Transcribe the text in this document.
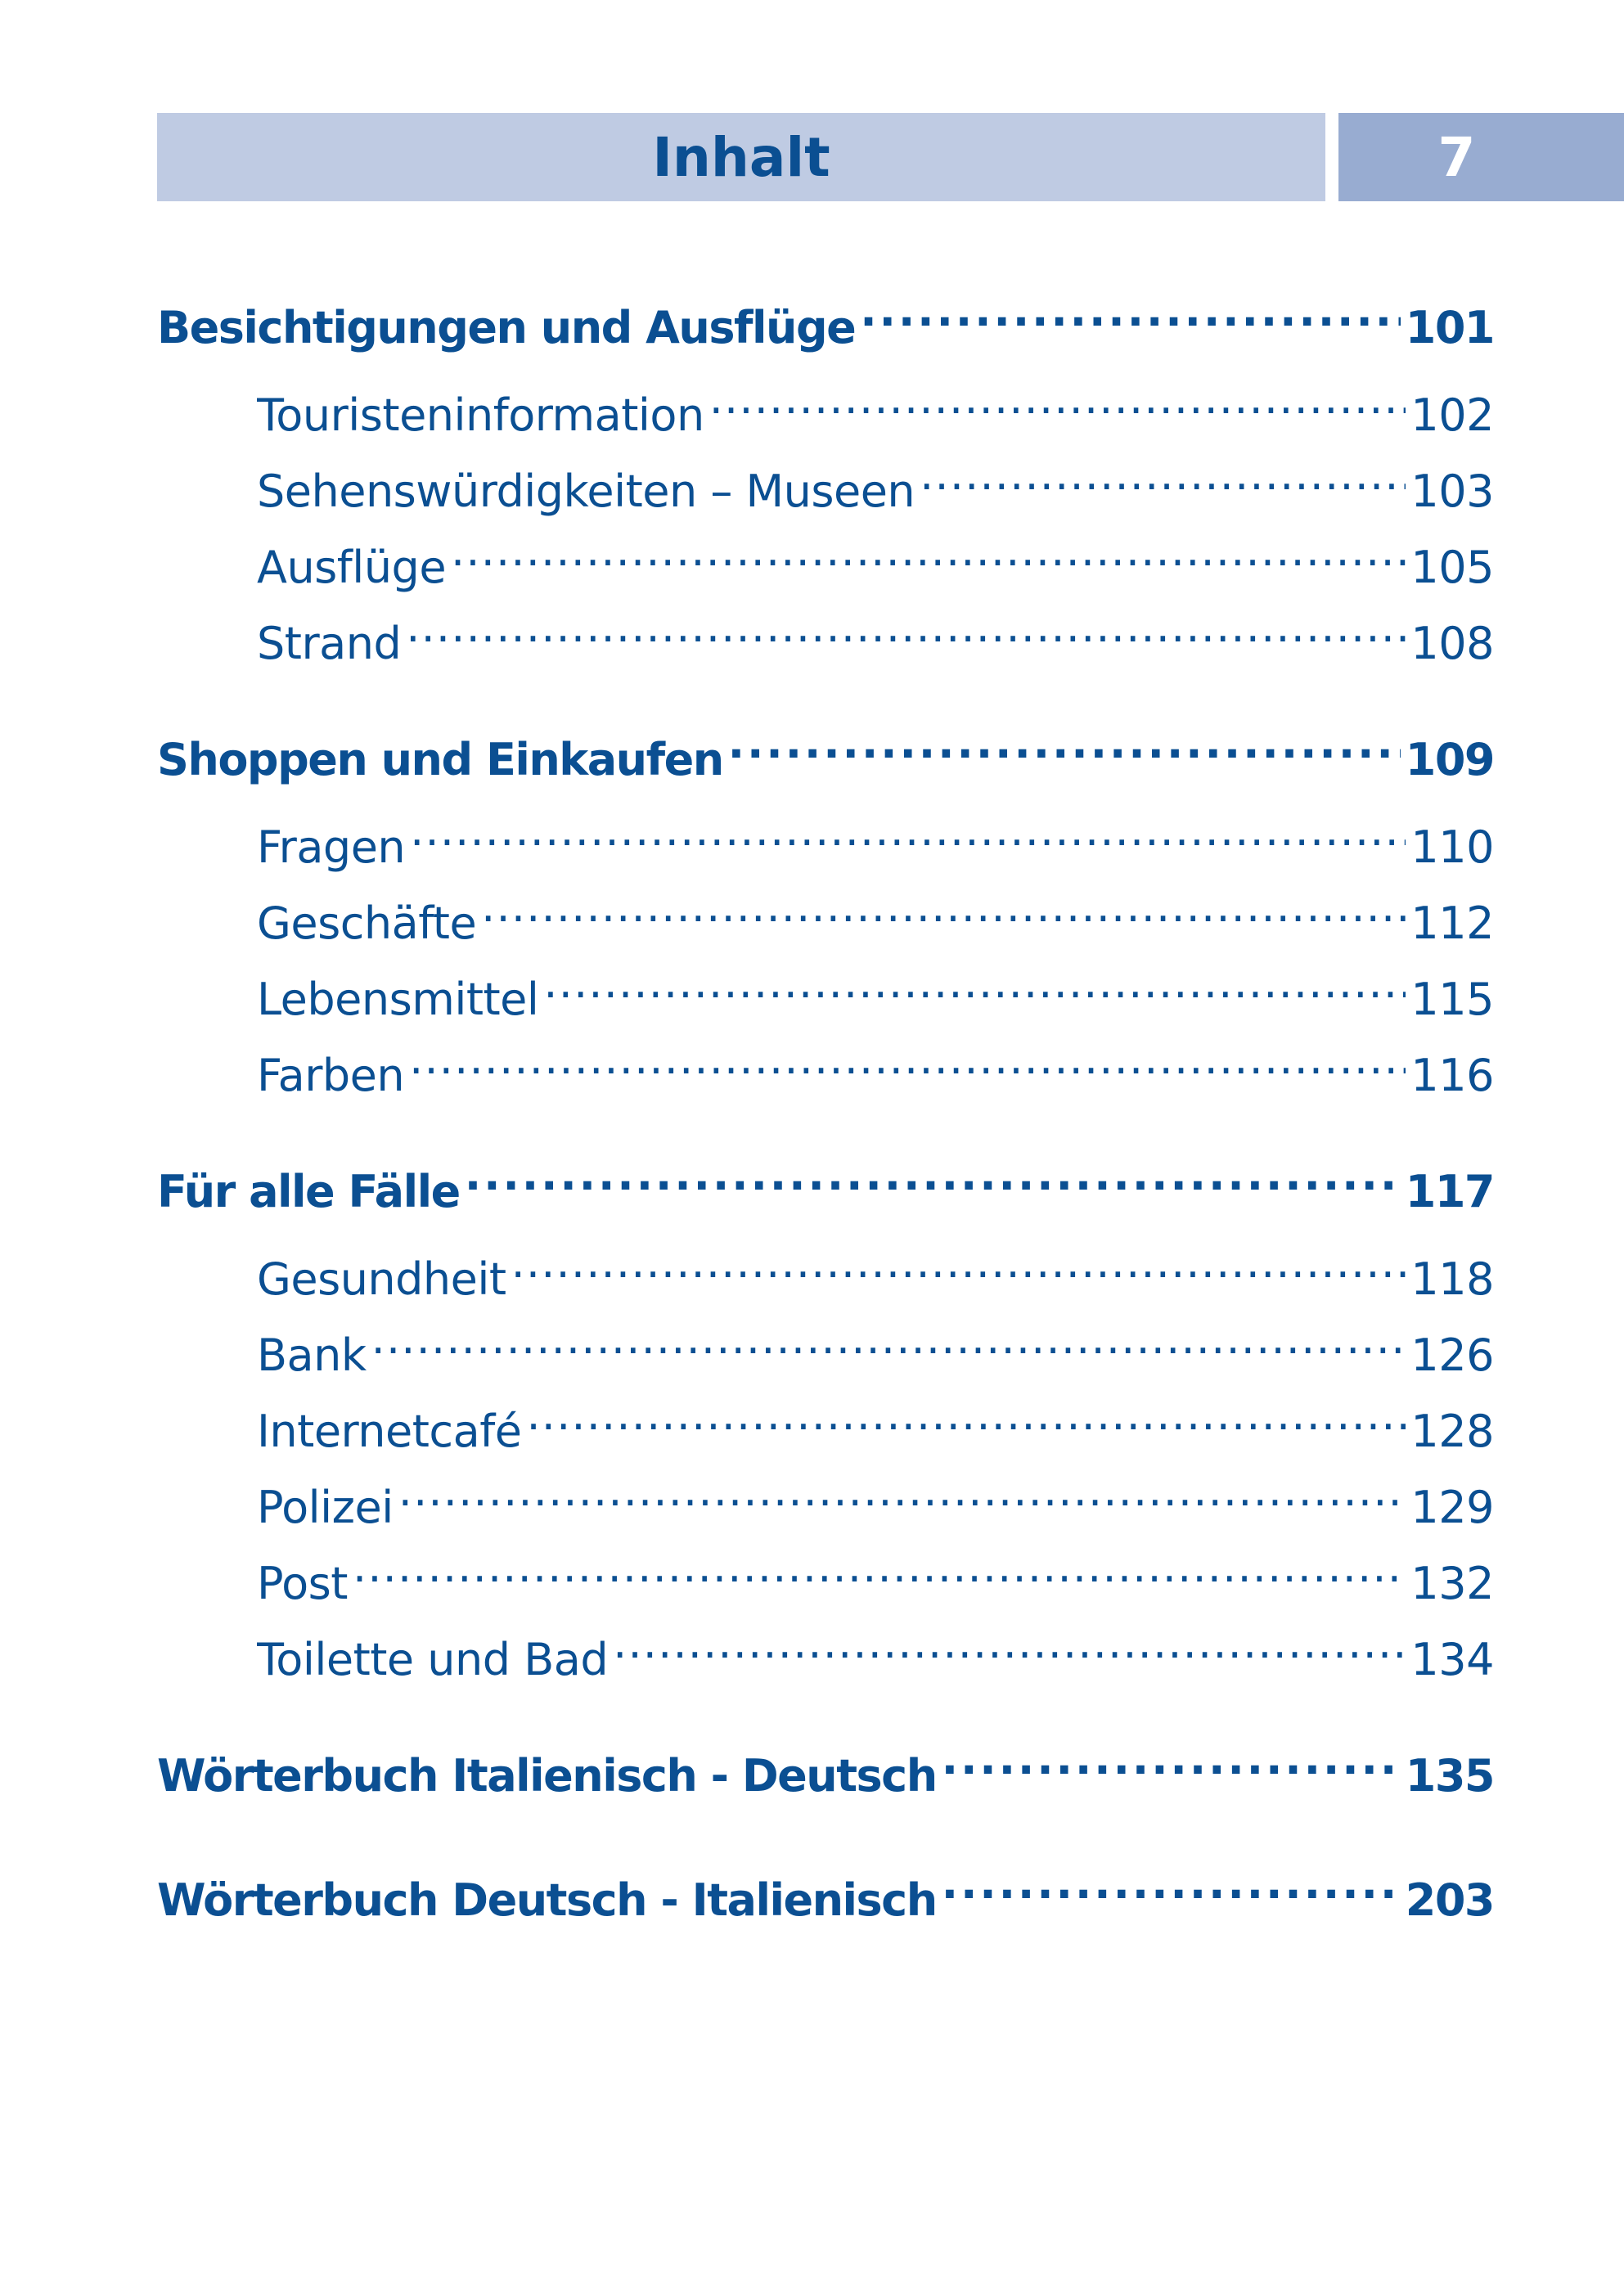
Inhalt	7
Besichtigungen und Ausflüge . . .	101
Touristeninformation . . .	102
Sehenswürdigkeiten – Museen . . .	103
Ausflüge . . .	105
Strand . . .	108
Shoppen und Einkaufen . . .	109
Fragen . . .	110
Geschäfte . . .	112
Lebensmittel . . .	115
Farben . . .	116
Für alle Fälle . . .	117
Gesundheit . . .	118
Bank . . .	126
Internetcafé . . .	128
Polizei . . .	129
Post . . .	132
Toilette und Bad . . .	134
Wörterbuch Italienisch - Deutsch . . .	135
Wörterbuch Deutsch - Italienisch . . .	203
